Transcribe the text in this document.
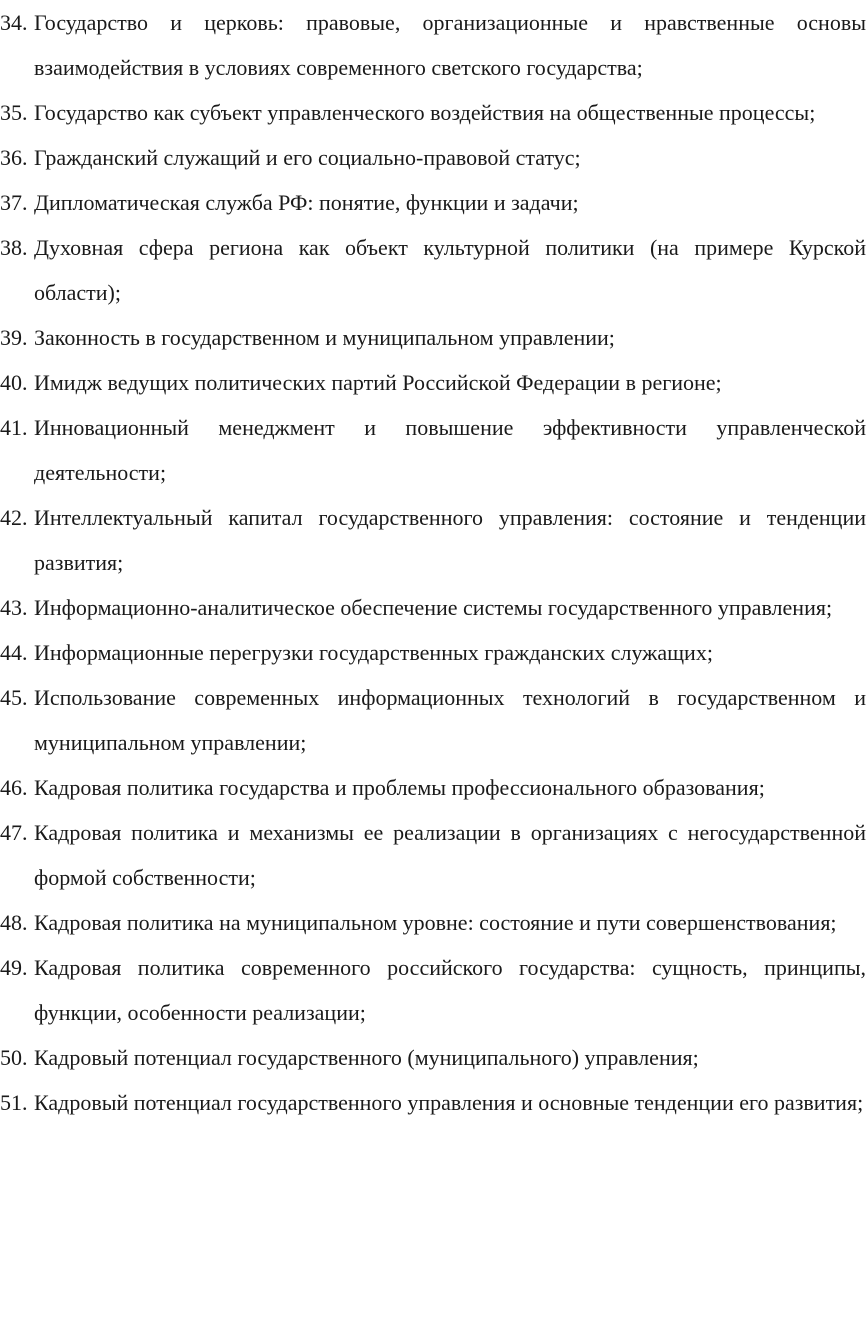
34. Государство и церковь: правовые, организационные и нравственные основы взаимодействия в условиях современного светского государства;
35. Государство как субъект управленческого воздействия на общественные процессы;
36. Гражданский служащий и его социально-правовой статус;
37. Дипломатическая служба РФ: понятие, функции и задачи;
38. Духовная сфера региона как объект культурной политики (на примере Курской области);
39. Законность в государственном и муниципальном управлении;
40. Имидж ведущих политических партий Российской Федерации в регионе;
41. Инновационный менеджмент и повышение эффективности управленческой деятельности;
42. Интеллектуальный капитал государственного управления: состояние и тенденции развития;
43. Информационно-аналитическое обеспечение системы государственного управления;
44. Информационные перегрузки государственных гражданских служащих;
45. Использование современных информационных технологий в государственном и муниципальном управлении;
46. Кадровая политика государства и проблемы профессионального образования;
47. Кадровая политика и механизмы ее реализации в организациях с негосударственной формой собственности;
48. Кадровая политика на муниципальном уровне: состояние и пути совершенствования;
49. Кадровая политика современного российского государства: сущность, принципы, функции, особенности реализации;
50. Кадровый потенциал государственного (муниципального) управления;
51. Кадровый потенциал государственного управления и основные тенденции его развития;
